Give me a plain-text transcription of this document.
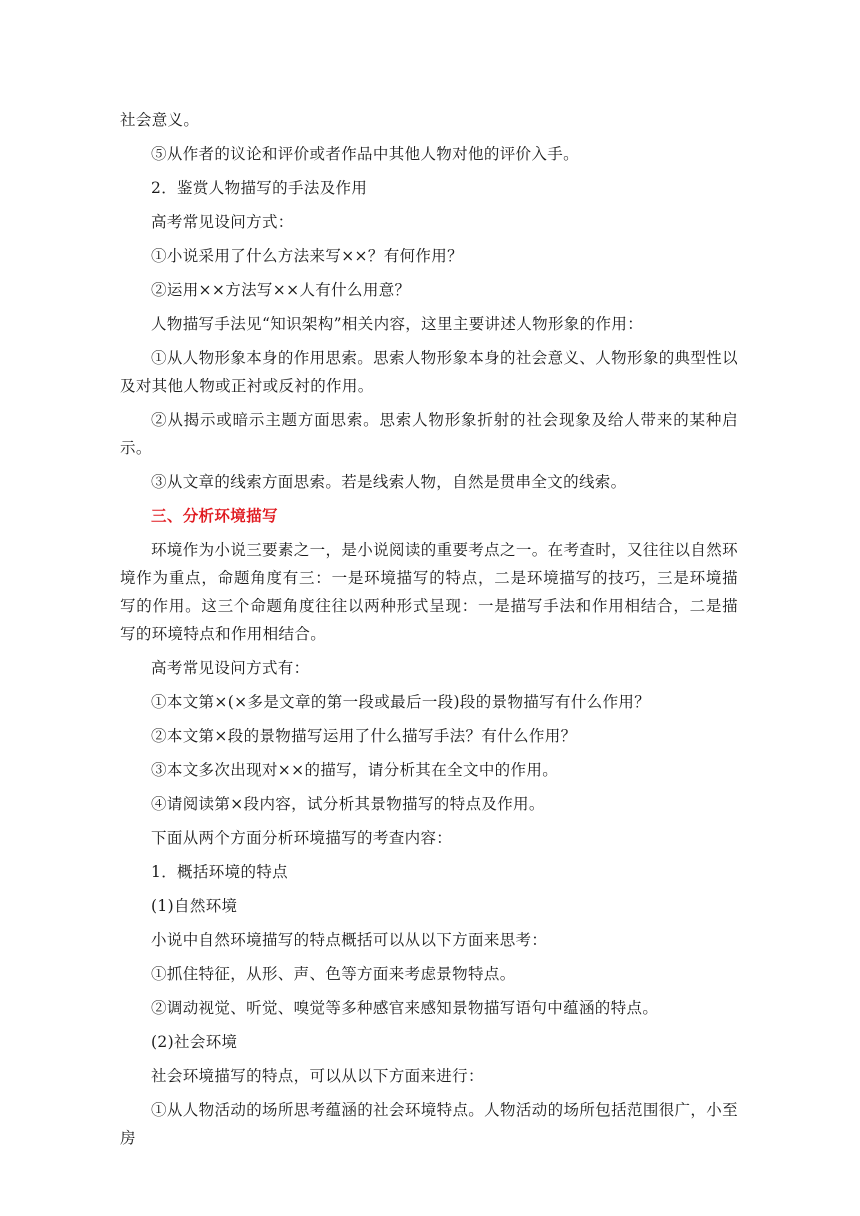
社会意义。

⑤从作者的议论和评价或者作品中其他人物对他的评价入手。

2．鉴赏人物描写的手法及作用

高考常见设问方式：

①小说采用了什么方法来写××？有何作用？

②运用××方法写××人有什么用意？

人物描写手法见“知识架构”相关内容，这里主要讲述人物形象的作用：

①从人物形象本身的作用思索。思索人物形象本身的社会意义、人物形象的典型性以及对其他人物或正衬或反衬的作用。

②从揭示或暗示主题方面思索。思索人物形象折射的社会现象及给人带来的某种启示。

③从文章的线索方面思索。若是线索人物，自然是贯串全文的线索。

三、分析环境描写

环境作为小说三要素之一，是小说阅读的重要考点之一。在考查时，又往往以自然环境作为重点，命题角度有三：一是环境描写的特点，二是环境描写的技巧，三是环境描写的作用。这三个命题角度往往以两种形式呈现：一是描写手法和作用相结合，二是描写的环境特点和作用相结合。

高考常见设问方式有：

①本文第×(×多是文章的第一段或最后一段)段的景物描写有什么作用？

②本文第×段的景物描写运用了什么描写手法？有什么作用？

③本文多次出现对××的描写，请分析其在全文中的作用。

④请阅读第×段内容，试分析其景物描写的特点及作用。

下面从两个方面分析环境描写的考查内容：

1．概括环境的特点

(1)自然环境

小说中自然环境描写的特点概括可以从以下方面来思考：

①抓住特征，从形、声、色等方面来考虑景物特点。

②调动视觉、听觉、嗅觉等多种感官来感知景物描写语句中蕴涵的特点。

(2)社会环境

社会环境描写的特点，可以从以下方面来进行：

①从人物活动的场所思考蕴涵的社会环境特点。人物活动的场所包括范围很广，小至房
